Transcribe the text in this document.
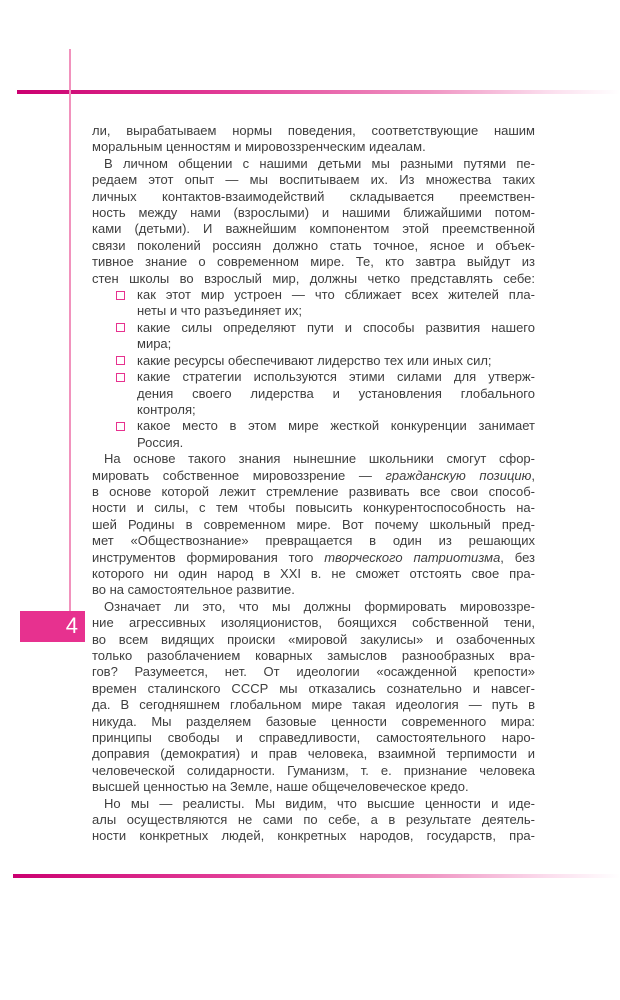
4
ли, вырабатываем нормы поведения, соответствующие нашим
моральным ценностям и мировоззренческим идеалам.
В личном общении с нашими детьми мы разными путями пе-
редаем этот опыт — мы воспитываем их. Из множества таких
личных контактов-взаимодействий складывается преемствен-
ность между нами (взрослыми) и нашими ближайшими потом-
ками (детьми). И важнейшим компонентом этой преемственной
связи поколений россиян должно стать точное, ясное и объек-
тивное знание о современном мире. Те, кто завтра выйдут из
стен школы во взрослый мир, должны четко представлять себе:
как этот мир устроен — что сближает всех жителей пла-
неты и что разъединяет их;
какие силы определяют пути и способы развития нашего
мира;
какие ресурсы обеспечивают лидерство тех или иных сил;
какие стратегии используются этими силами для утверж-
дения своего лидерства и установления глобального
контроля;
какое место в этом мире жесткой конкуренции занимает
Россия.
На основе такого знания нынешние школьники смогут сфор-
мировать собственное мировоззрение — гражданскую позицию,
в основе которой лежит стремление развивать все свои способ-
ности и силы, с тем чтобы повысить конкурентоспособность на-
шей Родины в современном мире. Вот почему школьный пред-
мет «Обществознание» превращается в один из решающих
инструментов формирования того творческого патриотизма, без
которого ни один народ в XXI в. не сможет отстоять свое пра-
во на самостоятельное развитие.
Означает ли это, что мы должны формировать мировоззре-
ние агрессивных изоляционистов, боящихся собственной тени,
во всем видящих происки «мировой закулисы» и озабоченных
только разоблачением коварных замыслов разнообразных вра-
гов? Разумеется, нет. От идеологии «осажденной крепости»
времен сталинского СССР мы отказались сознательно и навсег-
да. В сегодняшнем глобальном мире такая идеология — путь в
никуда. Мы разделяем базовые ценности современного мира:
принципы свободы и справедливости, самостоятельного наро-
доправия (демократия) и прав человека, взаимной терпимости и
человеческой солидарности. Гуманизм, т. е. признание человека
высшей ценностью на Земле, наше общечеловеческое кредо.
Но мы — реалисты. Мы видим, что высшие ценности и иде-
алы осуществляются не сами по себе, а в результате деятель-
ности конкретных людей, конкретных народов, государств, пра-
